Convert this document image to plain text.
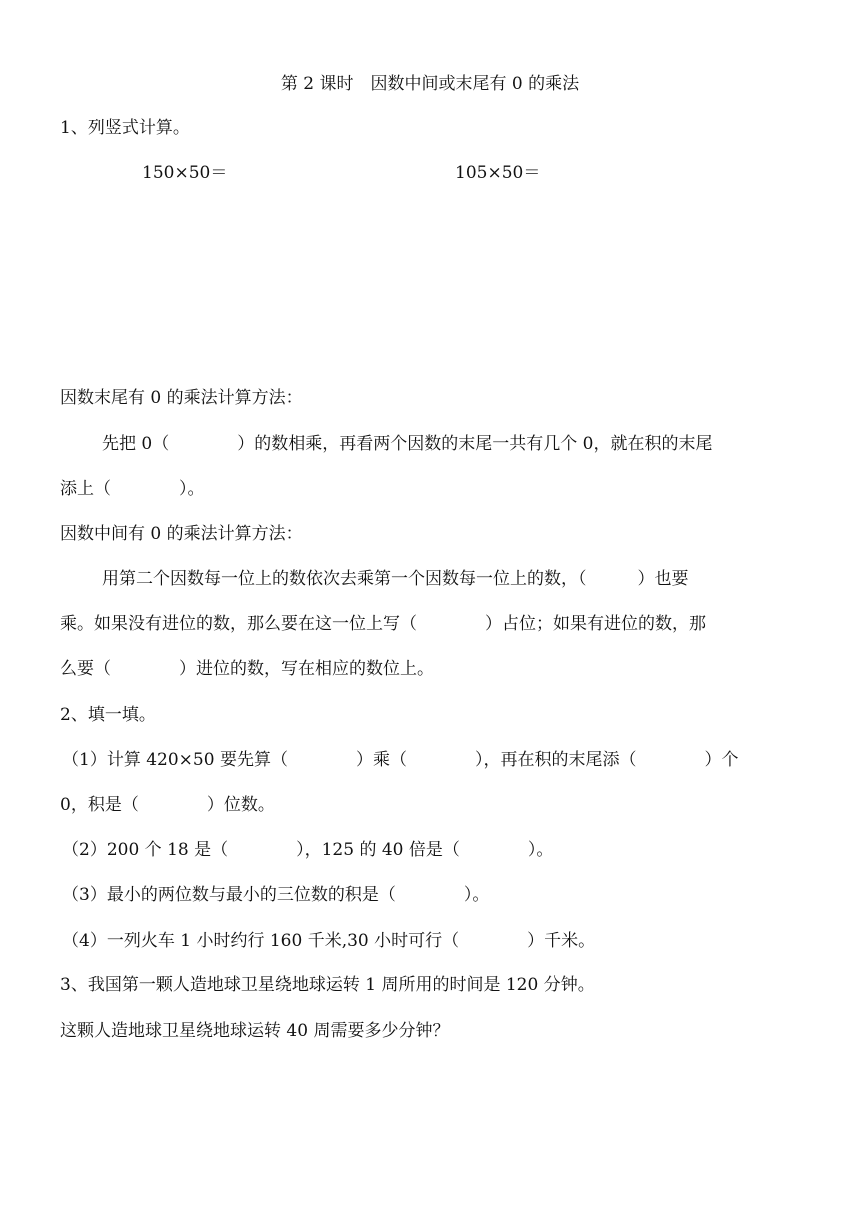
第 2 课时　因数中间或末尾有 0 的乘法
1、列竖式计算。
150×50＝	105×50＝
因数末尾有 0 的乘法计算方法：
先把 0（　　　　）的数相乘，再看两个因数的末尾一共有几个 0，就在积的末尾
添上（　　　　）。
因数中间有 0 的乘法计算方法：
用第二个因数每一位上的数依次去乘第一个因数每一位上的数，（　　　）也要
乘。如果没有进位的数，那么要在这一位上写（　　　　）占位；如果有进位的数，那
么要（　　　　）进位的数，写在相应的数位上。
2、填一填。
（1）计算 420×50 要先算（　　　　）乘（　　　　），再在积的末尾添（　　　　）个
0，积是（　　　　）位数。
（2）200 个 18 是（　　　　），125 的 40 倍是（　　　　）。
（3）最小的两位数与最小的三位数的积是（　　　　）。
（4）一列火车 1 小时约行 160 千米,30 小时可行（　　　　）千米。
3、我国第一颗人造地球卫星绕地球运转 1 周所用的时间是 120 分钟。
这颗人造地球卫星绕地球运转 40 周需要多少分钟？
